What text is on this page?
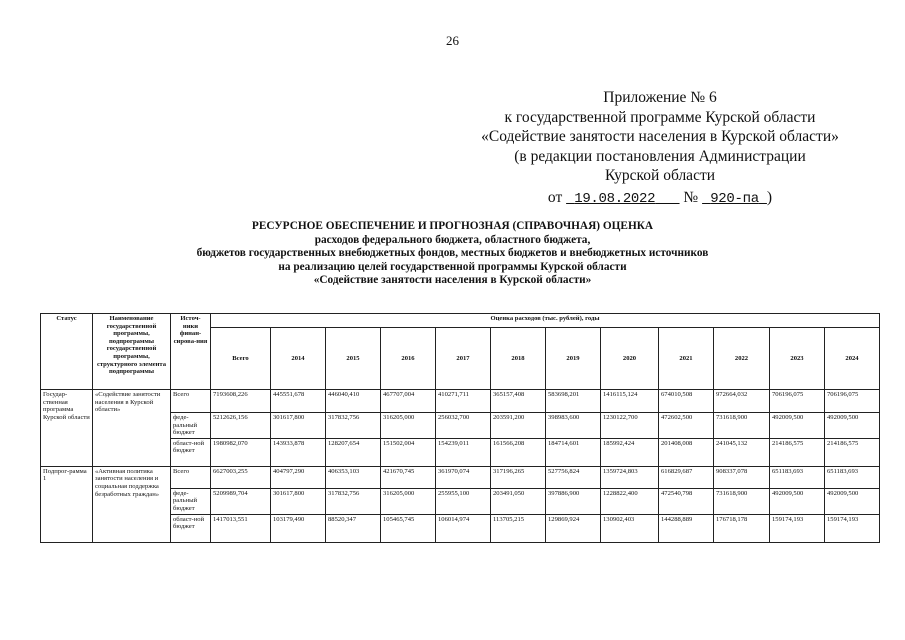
26
Приложение № 6
к государственной программе Курской области
«Содействие занятости населения в Курской области»
(в редакции постановления Администрации
Курской области
от 19.08.2022 № 920-па )
РЕСУРСНОЕ ОБЕСПЕЧЕНИЕ И ПРОГНОЗНАЯ (СПРАВОЧНАЯ) ОЦЕНКА
расходов федерального бюджета, областного бюджета,
бюджетов государственных внебюджетных фондов, местных бюджетов и внебюджетных источников
на реализацию целей государственной программы Курской области
«Содействие занятости населения в Курской области»
Статус	Наименование государственной программы, подпрограммы государственной программы, структурного элемента подпрограммы	Источ-ники финан-сирова-ния	Оценка расходов (тыс. рублей), годы											
			Всего	2014	2015	2016	2017	2018	2019	2020	2021	2022	2023	2024
Государ-ственная программа Курской области	«Содействие занятости населения в Курской области»	Всего	7193608,226	445551,678	446040,410	467707,004	410271,711	365157,408	583698,201	1416115,124	674010,508	972664,032	706196,075	706196,075
		феде-ральный бюджет	5212626,156	301617,800	317832,756	316205,000	256032,700	203591,200	398983,600	1230122,700	472602,500	731618,900	492009,500	492009,500
		област-ной бюджет	1980982,070	143933,878	128207,654	151502,004	154239,011	161566,208	184714,601	185992,424	201408,008	241045,132	214186,575	214186,575
Подпрог-рамма 1	«Активная политика занятости населения и социальная поддержка безработных граждан»	Всего	6627003,255	404797,290	406353,103	421670,745	361970,074	317196,265	527756,824	1359724,803	616829,687	908337,078	651183,693	651183,693
		феде-ральный бюджет	5209989,704	301617,800	317832,756	316205,000	255955,100	203491,050	397886,900	1228822,400	472540,798	731618,900	492009,500	492009,500
		област-ной бюджет	1417013,551	103179,490	88520,347	105465,745	106014,974	113705,215	129869,924	130902,403	144288,889	176718,178	159174,193	159174,193
